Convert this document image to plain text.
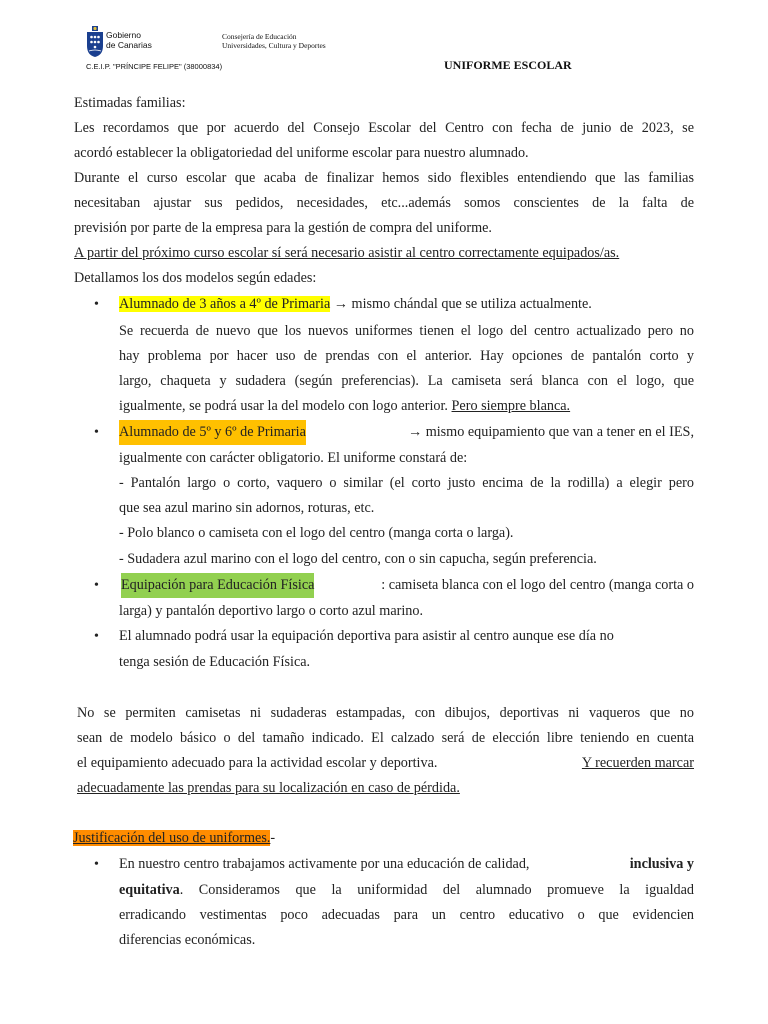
Gobierno
de Canarias
Consejería de Educación
Universidades, Cultura y Deportes
C.E.I.P. "PRÍNCIPE FELIPE" (38000834)	UNIFORME ESCOLAR
Estimadas familias:
Les recordamos que por acuerdo del Consejo Escolar del Centro con fecha de junio de 2023, se
acordó establecer la obligatoriedad del uniforme escolar para nuestro alumnado.
Durante el curso escolar que acaba de finalizar hemos sido flexibles entendiendo que las familias
necesitaban ajustar sus pedidos, necesidades, etc...además somos conscientes de la falta de
previsión por parte de la empresa para la gestión de compra del uniforme.
A partir del próximo curso escolar sí será necesario asistir al centro correctamente equipados/as.
Detallamos los dos modelos según edades:
• Alumnado de 3 años a 4º de Primaria → mismo chándal que se utiliza actualmente.
Se recuerda de nuevo que los nuevos uniformes tienen el logo del centro actualizado pero no
hay problema por hacer uso de prendas con el anterior. Hay opciones de pantalón corto y
largo, chaqueta y sudadera (según preferencias). La camiseta será blanca con el logo, que
igualmente, se podrá usar la del modelo con logo anterior. Pero siempre blanca.
• Alumnado de 5º y 6º de Primaria	→ mismo equipamiento que van a tener en el IES,
igualmente con carácter obligatorio. El uniforme constará de:
- Pantalón largo o corto, vaquero o similar (el corto justo encima de la rodilla) a elegir pero
que sea azul marino sin adornos, roturas, etc.
- Polo blanco o camiseta con el logo del centro (manga corta o larga).
- Sudadera azul marino con el logo del centro, con o sin capucha, según preferencia.
• Equipación para Educación Física	: camiseta blanca con el logo del centro (manga corta o
larga) y pantalón deportivo largo o corto azul marino.
• El alumnado podrá usar la equipación deportiva para asistir al centro aunque ese día no
tenga sesión de Educación Física.
No se permiten camisetas ni sudaderas estampadas, con dibujos, deportivas ni vaqueros que no
sean de modelo básico o del tamaño indicado. El calzado será de elección libre teniendo en cuenta
el equipamiento adecuado para la actividad escolar y deportiva.	Y recuerden marcar
adecuadamente las prendas para su localización en caso de pérdida.
Justificación del uso de uniformes.-
• En nuestro centro trabajamos activamente por una educación de calidad,	inclusiva y
equitativa . Consideramos que la uniformidad del alumnado promueve la igualdad
erradicando vestimentas poco adecuadas para un centro educativo o que evidencien
diferencias económicas.
